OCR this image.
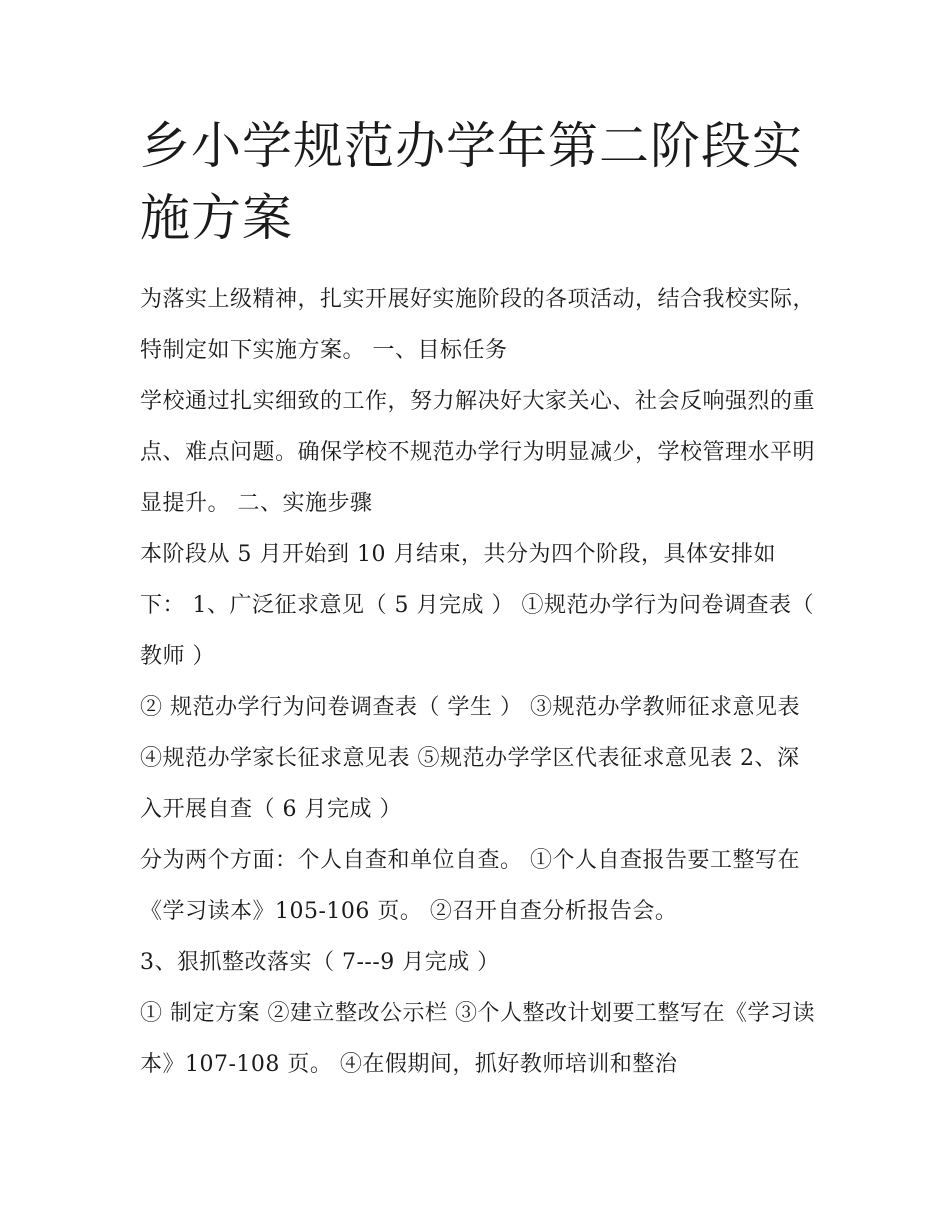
乡小学规范办学年第二阶段实施方案

为落实上级精神，扎实开展好实施阶段的各项活动，结合我校实际，特制定如下实施方案。 一、目标任务

学校通过扎实细致的工作，努力解决好大家关心、社会反响强烈的重点、难点问题。确保学校不规范办学行为明显减少，学校管理水平明显提升。 二、实施步骤

本阶段从 5 月开始到 10 月结束，共分为四个阶段，具体安排如下： 1、广泛征求意见（ 5 月完成 ） ①规范办学行为问卷调查表（ 教师 ）

② 规范办学行为问卷调查表（ 学生 ） ③规范办学教师征求意见表 ④规范办学家长征求意见表 ⑤规范办学学区代表征求意见表 2、深入开展自查（ 6 月完成 ）

分为两个方面：个人自查和单位自查。 ①个人自查报告要工整写在《学习读本》105-106 页。 ②召开自查分析报告会。

3、狠抓整改落实（ 7---9 月完成 ）

① 制定方案 ②建立整改公示栏 ③个人整改计划要工整写在《学习读本》107-108 页。 ④在假期间，抓好教师培训和整治
